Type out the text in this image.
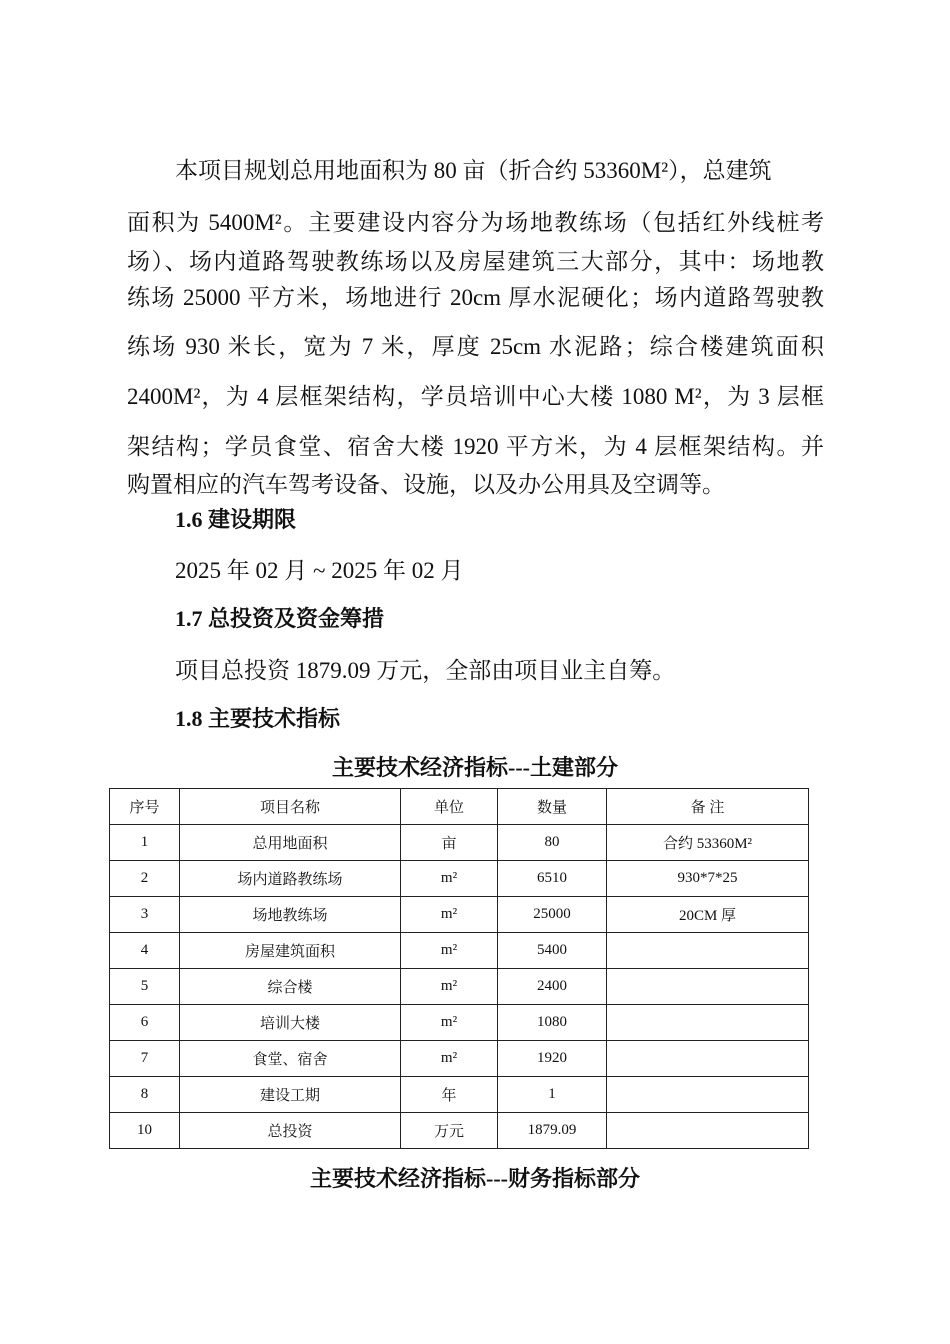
本项目规划总用地面积为 80 亩（折合约 53360M²），总建筑
面积为 5400M²。主要建设内容分为场地教练场（包括红外线桩考
场）、场内道路驾驶教练场以及房屋建筑三大部分，其中：场地教
练场 25000 平方米，场地进行 20cm 厚水泥硬化；场内道路驾驶教
练场 930 米长，宽为 7 米，厚度 25cm 水泥路；综合楼建筑面积
2400M²，为 4 层框架结构，学员培训中心大楼 1080 M²，为 3 层框
架结构；学员食堂、宿舍大楼 1920 平方米，为 4 层框架结构。并
购置相应的汽车驾考设备、设施，以及办公用具及空调等。
1.6 建设期限
2025 年 02 月 ~ 2025 年 02 月
1.7 总投资及资金筹措
项目总投资 1879.09 万元，全部由项目业主自筹。
1.8 主要技术指标
主要技术经济指标---土建部分
序号	项目名称	单位	数量	备 注
1	总用地面积	亩	80	合约 53360M²
2	场内道路教练场	m²	6510	930*7*25
3	场地教练场	m²	25000	20CM 厚
4	房屋建筑面积	m²	5400	
5	综合楼	m²	2400	
6	培训大楼	m²	1080	
7	食堂、宿舍	m²	1920	
8	建设工期	年	1	
10	总投资	万元	1879.09	
主要技术经济指标---财务指标部分
